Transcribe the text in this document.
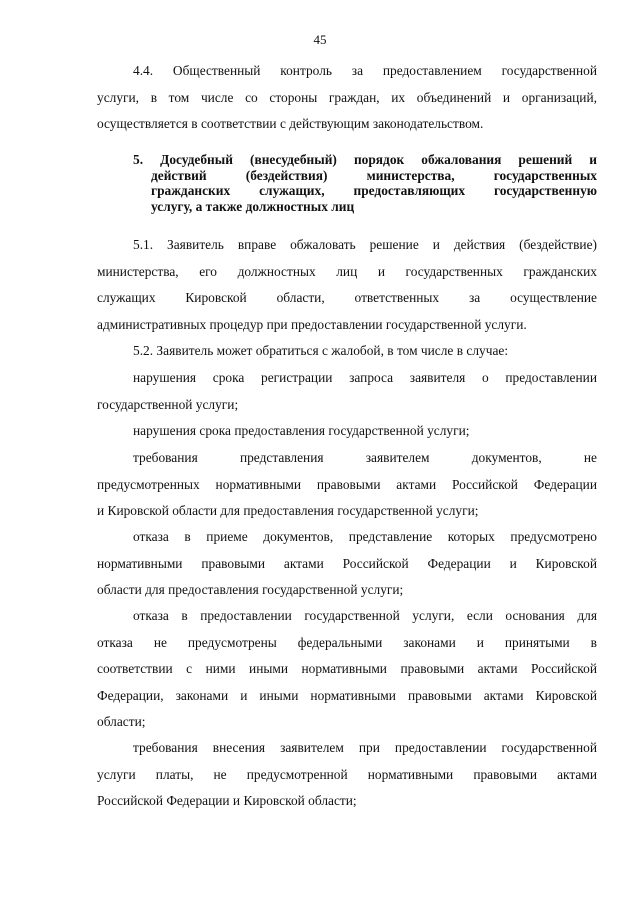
45
4.4. Общественный контроль за предоставлением государственной
услуги, в том числе со стороны граждан, их объединений и организаций,
осуществляется в соответствии с действующим законодательством.
5. Досудебный (внесудебный) порядок обжалования решений и
действий (бездействия) министерства, государственных
гражданских служащих, предоставляющих государственную
услугу, а также должностных лиц
5.1. Заявитель вправе обжаловать решение и действия (бездействие)
министерства, его должностных лиц и государственных гражданских
служащих Кировской области, ответственных за осуществление
административных процедур при предоставлении государственной услуги.
5.2. Заявитель может обратиться с жалобой, в том числе в случае:
нарушения срока регистрации запроса заявителя о предоставлении
государственной услуги;
нарушения срока предоставления государственной услуги;
требования представления заявителем документов, не
предусмотренных нормативными правовыми актами Российской Федерации
и Кировской области для предоставления государственной услуги;
отказа в приеме документов, представление которых предусмотрено
нормативными правовыми актами Российской Федерации и Кировской
области для предоставления государственной услуги;
отказа в предоставлении государственной услуги, если основания для
отказа не предусмотрены федеральными законами и принятыми в
соответствии с ними иными нормативными правовыми актами Российской
Федерации, законами и иными нормативными правовыми актами Кировской
области;
требования внесения заявителем при предоставлении государственной
услуги платы, не предусмотренной нормативными правовыми актами
Российской Федерации и Кировской области;
